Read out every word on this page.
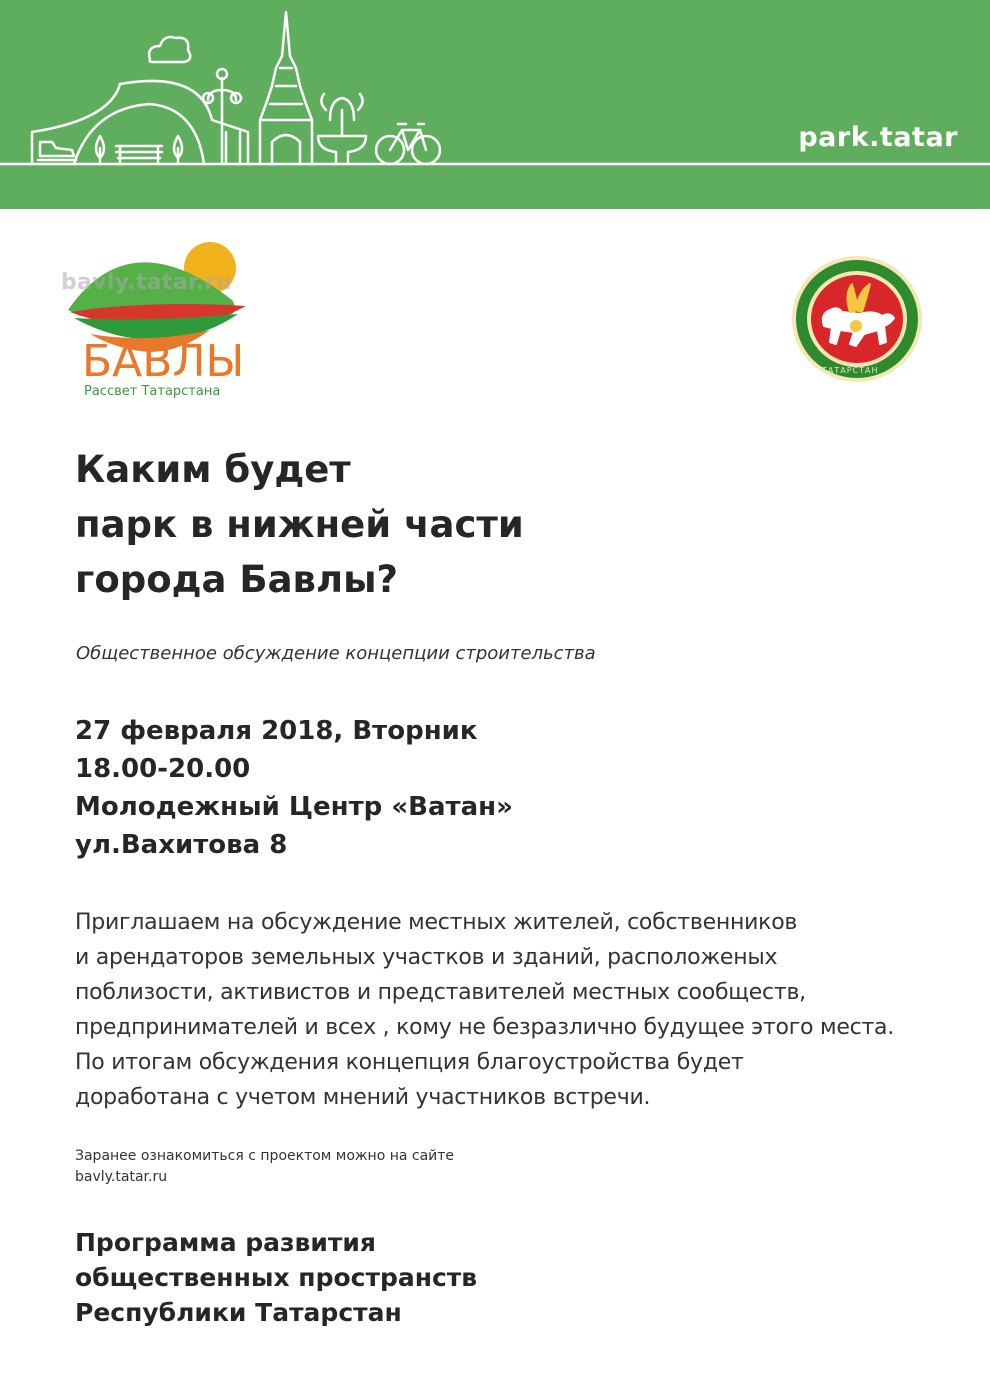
park.tatar
bavly.tatar.ru
БАВЛЫ
Рассвет Татарстана
ТАТАРСТАН
Каким будет
парк в нижней части
города Бавлы?

Общественное обсуждение концепции строительства

27 февраля 2018, Вторник
18.00-20.00
Молодежный Центр «Ватан»
ул.Вахитова 8
Приглашаем на обсуждение местных жителей, собственников
и арендаторов земельных участков и зданий, расположеных
поблизости, активистов и представителей местных сообществ,
предпринимателей и всех , кому не безразлично будущее этого места.
По итогам обсуждения концепция благоустройства будет
доработана с учетом мнений участников встречи.
Заранее ознакомиться с проектом можно на сайте
bavly.tatar.ru
Программа развития
общественных пространств
Республики Татарстан
